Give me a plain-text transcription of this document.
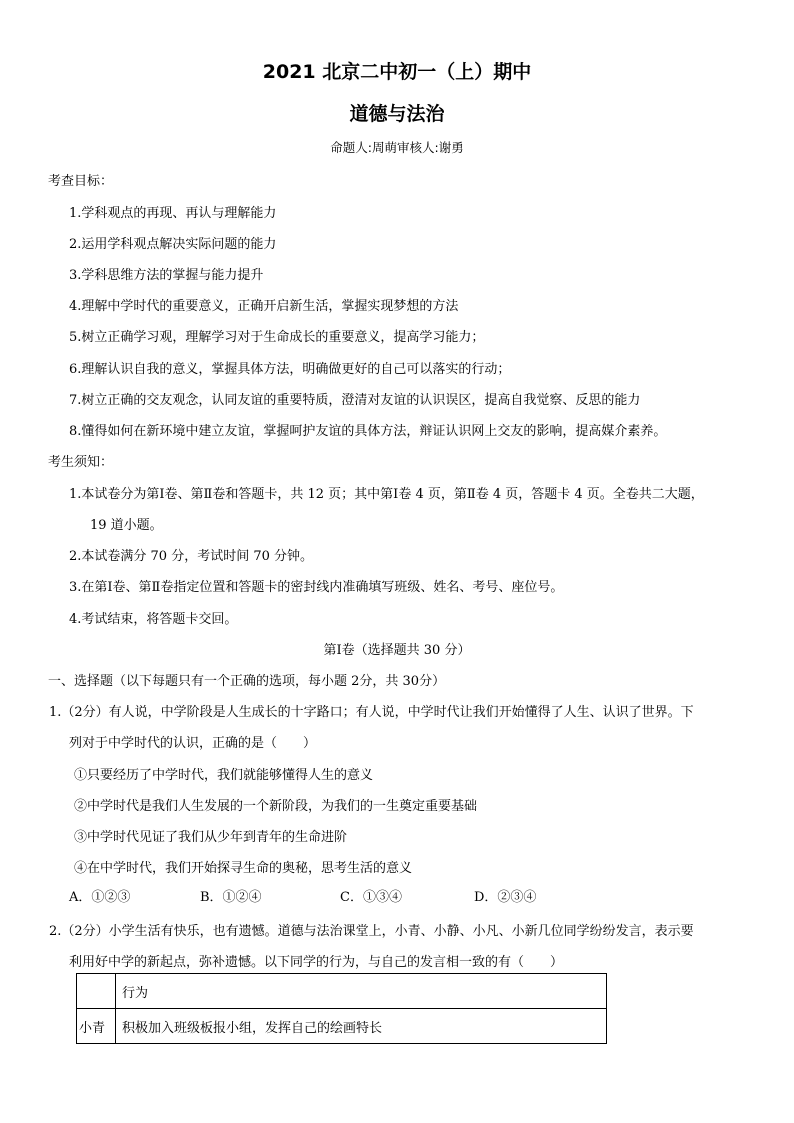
2021 北京二中初一（上）期中
道德与法治
命题人:周萌审核人:谢勇
考查目标：
1.学科观点的再现、再认与理解能力
2.运用学科观点解决实际问题的能力
3.学科思维方法的掌握与能力提升
4.理解中学时代的重要意义，正确开启新生活，掌握实现梦想的方法
5.树立正确学习观，理解学习对于生命成长的重要意义，提高学习能力；
6.理解认识自我的意义，掌握具体方法，明确做更好的自己可以落实的行动；
7.树立正确的交友观念，认同友谊的重要特质，澄清对友谊的认识误区，提高自我觉察、反思的能力
8.懂得如何在新环境中建立友谊，掌握呵护友谊的具体方法，辩证认识网上交友的影响，提高媒介素养。
考生须知：
1.本试卷分为第Ⅰ卷、第Ⅱ卷和答题卡，共 12 页；其中第Ⅰ卷 4 页，第Ⅱ卷 4 页，答题卡 4 页。全卷共二大题，
19 道小题。
2.本试卷满分 70 分，考试时间 70 分钟。
3.在第Ⅰ卷、第Ⅱ卷指定位置和答题卡的密封线内准确填写班级、姓名、考号、座位号。
4.考试结束，将答题卡交回。
第Ⅰ卷（选择题共 30 分）
一、选择题（以下每题只有一个正确的选项，每小题 2分，共 30分）
1.（2分）有人说，中学阶段是人生成长的十字路口；有人说，中学时代让我们开始懂得了人生、认识了世界。下
列对于中学时代的认识，正确的是（　　）
①只要经历了中学时代，我们就能够懂得人生的意义
②中学时代是我们人生发展的一个新阶段，为我们的一生奠定重要基础
③中学时代见证了我们从少年到青年的生命进阶
④在中学时代，我们开始探寻生命的奥秘，思考生活的意义
A．①②③	B．①②④	C．①③④	D．②③④
2.（2分）小学生活有快乐，也有遗憾。道德与法治课堂上，小青、小静、小凡、小新几位同学纷纷发言，表示要
利用好中学的新起点，弥补遗憾。以下同学的行为，与自己的发言相一致的有（　　）
	行为
小青	积极加入班级板报小组，发挥自己的绘画特长
